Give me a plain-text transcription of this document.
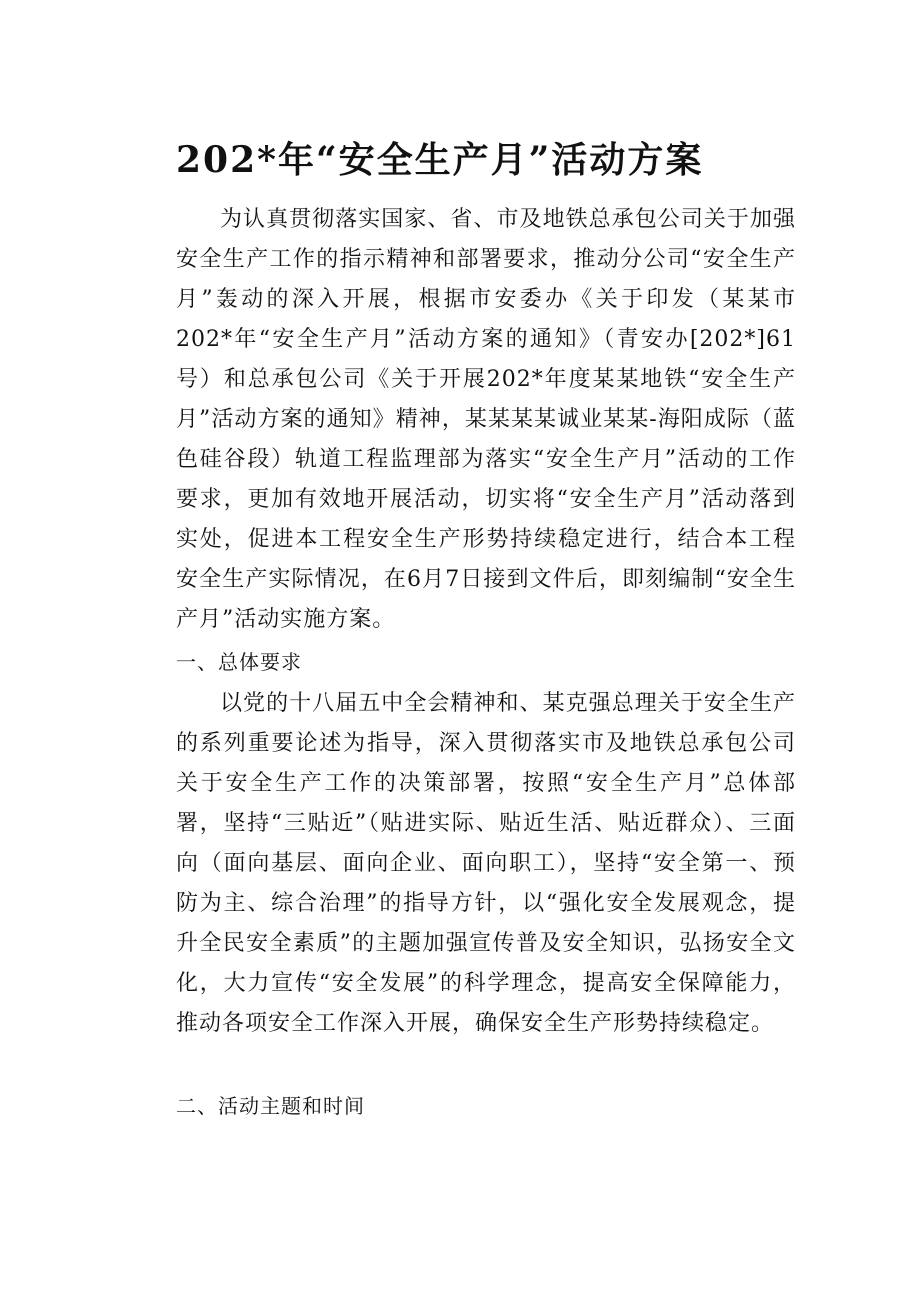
202*年“安全生产月”活动方案

为认真贯彻落实国家、省、市及地铁总承包公司关于加强安全生产工作的指示精神和部署要求，推动分公司“安全生产月”轰动的深入开展，根据市安委办《关于印发（某某市202*年“安全生产月”活动方案的通知》（青安办[202*]61号）和总承包公司《关于开展202*年度某某地铁“安全生产月”活动方案的通知》精神，某某某某诚业某某-海阳成际（蓝色硅谷段）轨道工程监理部为落实“安全生产月”活动的工作要求，更加有效地开展活动，切实将“安全生产月”活动落到实处，促进本工程安全生产形势持续稳定进行，结合本工程安全生产实际情况，在6月7日接到文件后，即刻编制“安全生产月”活动实施方案。

一、总体要求

以党的十八届五中全会精神和、某克强总理关于安全生产的系列重要论述为指导，深入贯彻落实市及地铁总承包公司关于安全生产工作的决策部署，按照“安全生产月”总体部署，坚持“三贴近”（贴进实际、贴近生活、贴近群众）、三面向（面向基层、面向企业、面向职工），坚持“安全第一、预防为主、综合治理”的指导方针，以“强化安全发展观念，提升全民安全素质”的主题加强宣传普及安全知识，弘扬安全文化，大力宣传“安全发展”的科学理念，提高安全保障能力，推动各项安全工作深入开展，确保安全生产形势持续稳定。

二、活动主题和时间
